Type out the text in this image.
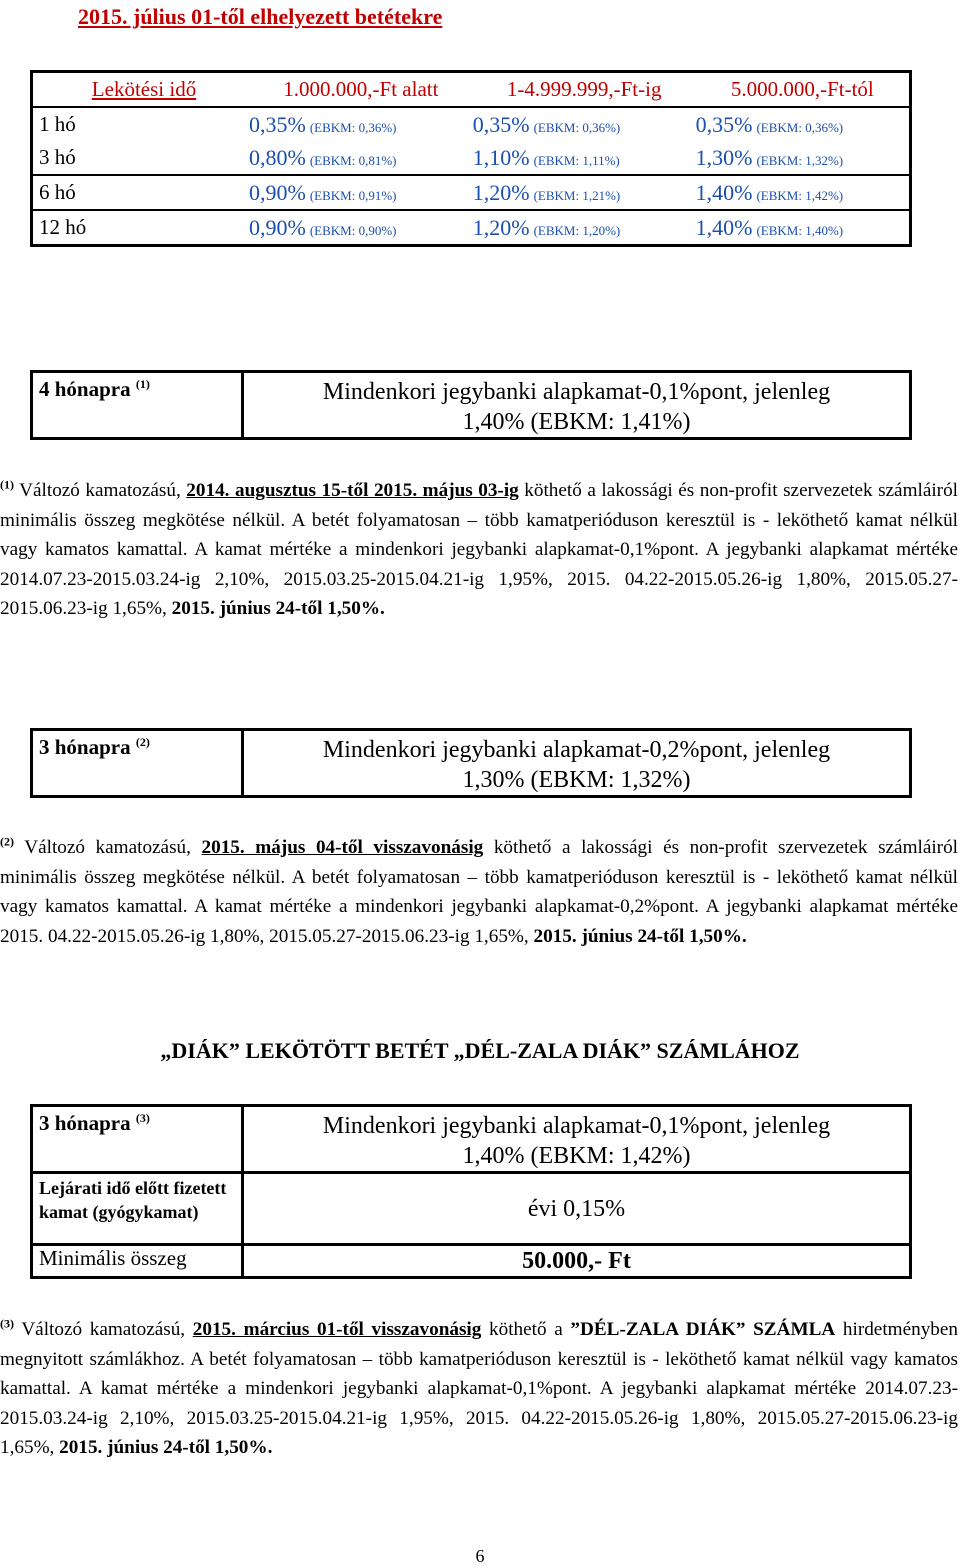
2015. július 01-től elhelyezett betétekre
Lekötési idő	1.000.000,-Ft alatt	1-4.999.999,-Ft-ig	5.000.000,-Ft-tól
1 hó	0,35% (EBKM: 0,36%)	0,35% (EBKM: 0,36%)	0,35% (EBKM: 0,36%)
3 hó	0,80% (EBKM: 0,81%)	1,10% (EBKM: 1,11%)	1,30% (EBKM: 1,32%)
6 hó	0,90% (EBKM: 0,91%)	1,20% (EBKM: 1,21%)	1,40% (EBKM: 1,42%)
12 hó	0,90% (EBKM: 0,90%)	1,20% (EBKM: 1,20%)	1,40% (EBKM: 1,40%)
4 hónapra $^{(1)}$	Mindenkori jegybanki alapkamat-0,1%pont, jelenleg
1,40% (EBKM: 1,41%)
$^{(1)}$ Változó kamatozású, 2014. augusztus 15-től 2015. május 03-ig köthető a lakossági és non-profit szervezetek számláiról minimális összeg megkötése nélkül. A betét folyamatosan – több kamatperióduson keresztül is - leköthető kamat nélkül vagy kamatos kamattal. A kamat mértéke a mindenkori jegybanki alapkamat-0,1%pont. A jegybanki alapkamat mértéke 2014.07.23-2015.03.24-ig 2,10%, 2015.03.25-2015.04.21-ig 1,95%, 2015. 04.22-2015.05.26-ig 1,80%, 2015.05.27-2015.06.23-ig 1,65%, 2015. június 24-től 1,50%.
3 hónapra $^{(2)}$	Mindenkori jegybanki alapkamat-0,2%pont, jelenleg
1,30% (EBKM: 1,32%)
$^{(2)}$ Változó kamatozású, 2015. május 04-től visszavonásig köthető a lakossági és non-profit szervezetek számláiról minimális összeg megkötése nélkül. A betét folyamatosan – több kamatperióduson keresztül is - leköthető kamat nélkül vagy kamatos kamattal. A kamat mértéke a mindenkori jegybanki alapkamat-0,2%pont. A jegybanki alapkamat mértéke 2015. 04.22-2015.05.26-ig 1,80%, 2015.05.27-2015.06.23-ig 1,65%, 2015. június 24-től 1,50%.
„DIÁK” LEKÖTÖTT BETÉT „DÉL-ZALA DIÁK” SZÁMLÁHOZ
3 hónapra $^{(3)}$	Mindenkori jegybanki alapkamat-0,1%pont, jelenleg
1,40% (EBKM: 1,42%)

Lejárati idő előtt fizetett kamat (gyógykamat)	évi 0,15%
Minimális összeg	50.000,- Ft
$^{(3)}$ Változó kamatozású, 2015. március 01-től visszavonásig köthető a ”DÉL-ZALA DIÁK” SZÁMLA hirdetményben megnyitott számlákhoz. A betét folyamatosan – több kamatperióduson keresztül is - leköthető kamat nélkül vagy kamatos kamattal. A kamat mértéke a mindenkori jegybanki alapkamat-0,1%pont. A jegybanki alapkamat mértéke 2014.07.23-2015.03.24-ig 2,10%, 2015.03.25-2015.04.21-ig 1,95%, 2015. 04.22-2015.05.26-ig 1,80%, 2015.05.27-2015.06.23-ig 1,65%, 2015. június 24-től 1,50%.
6
